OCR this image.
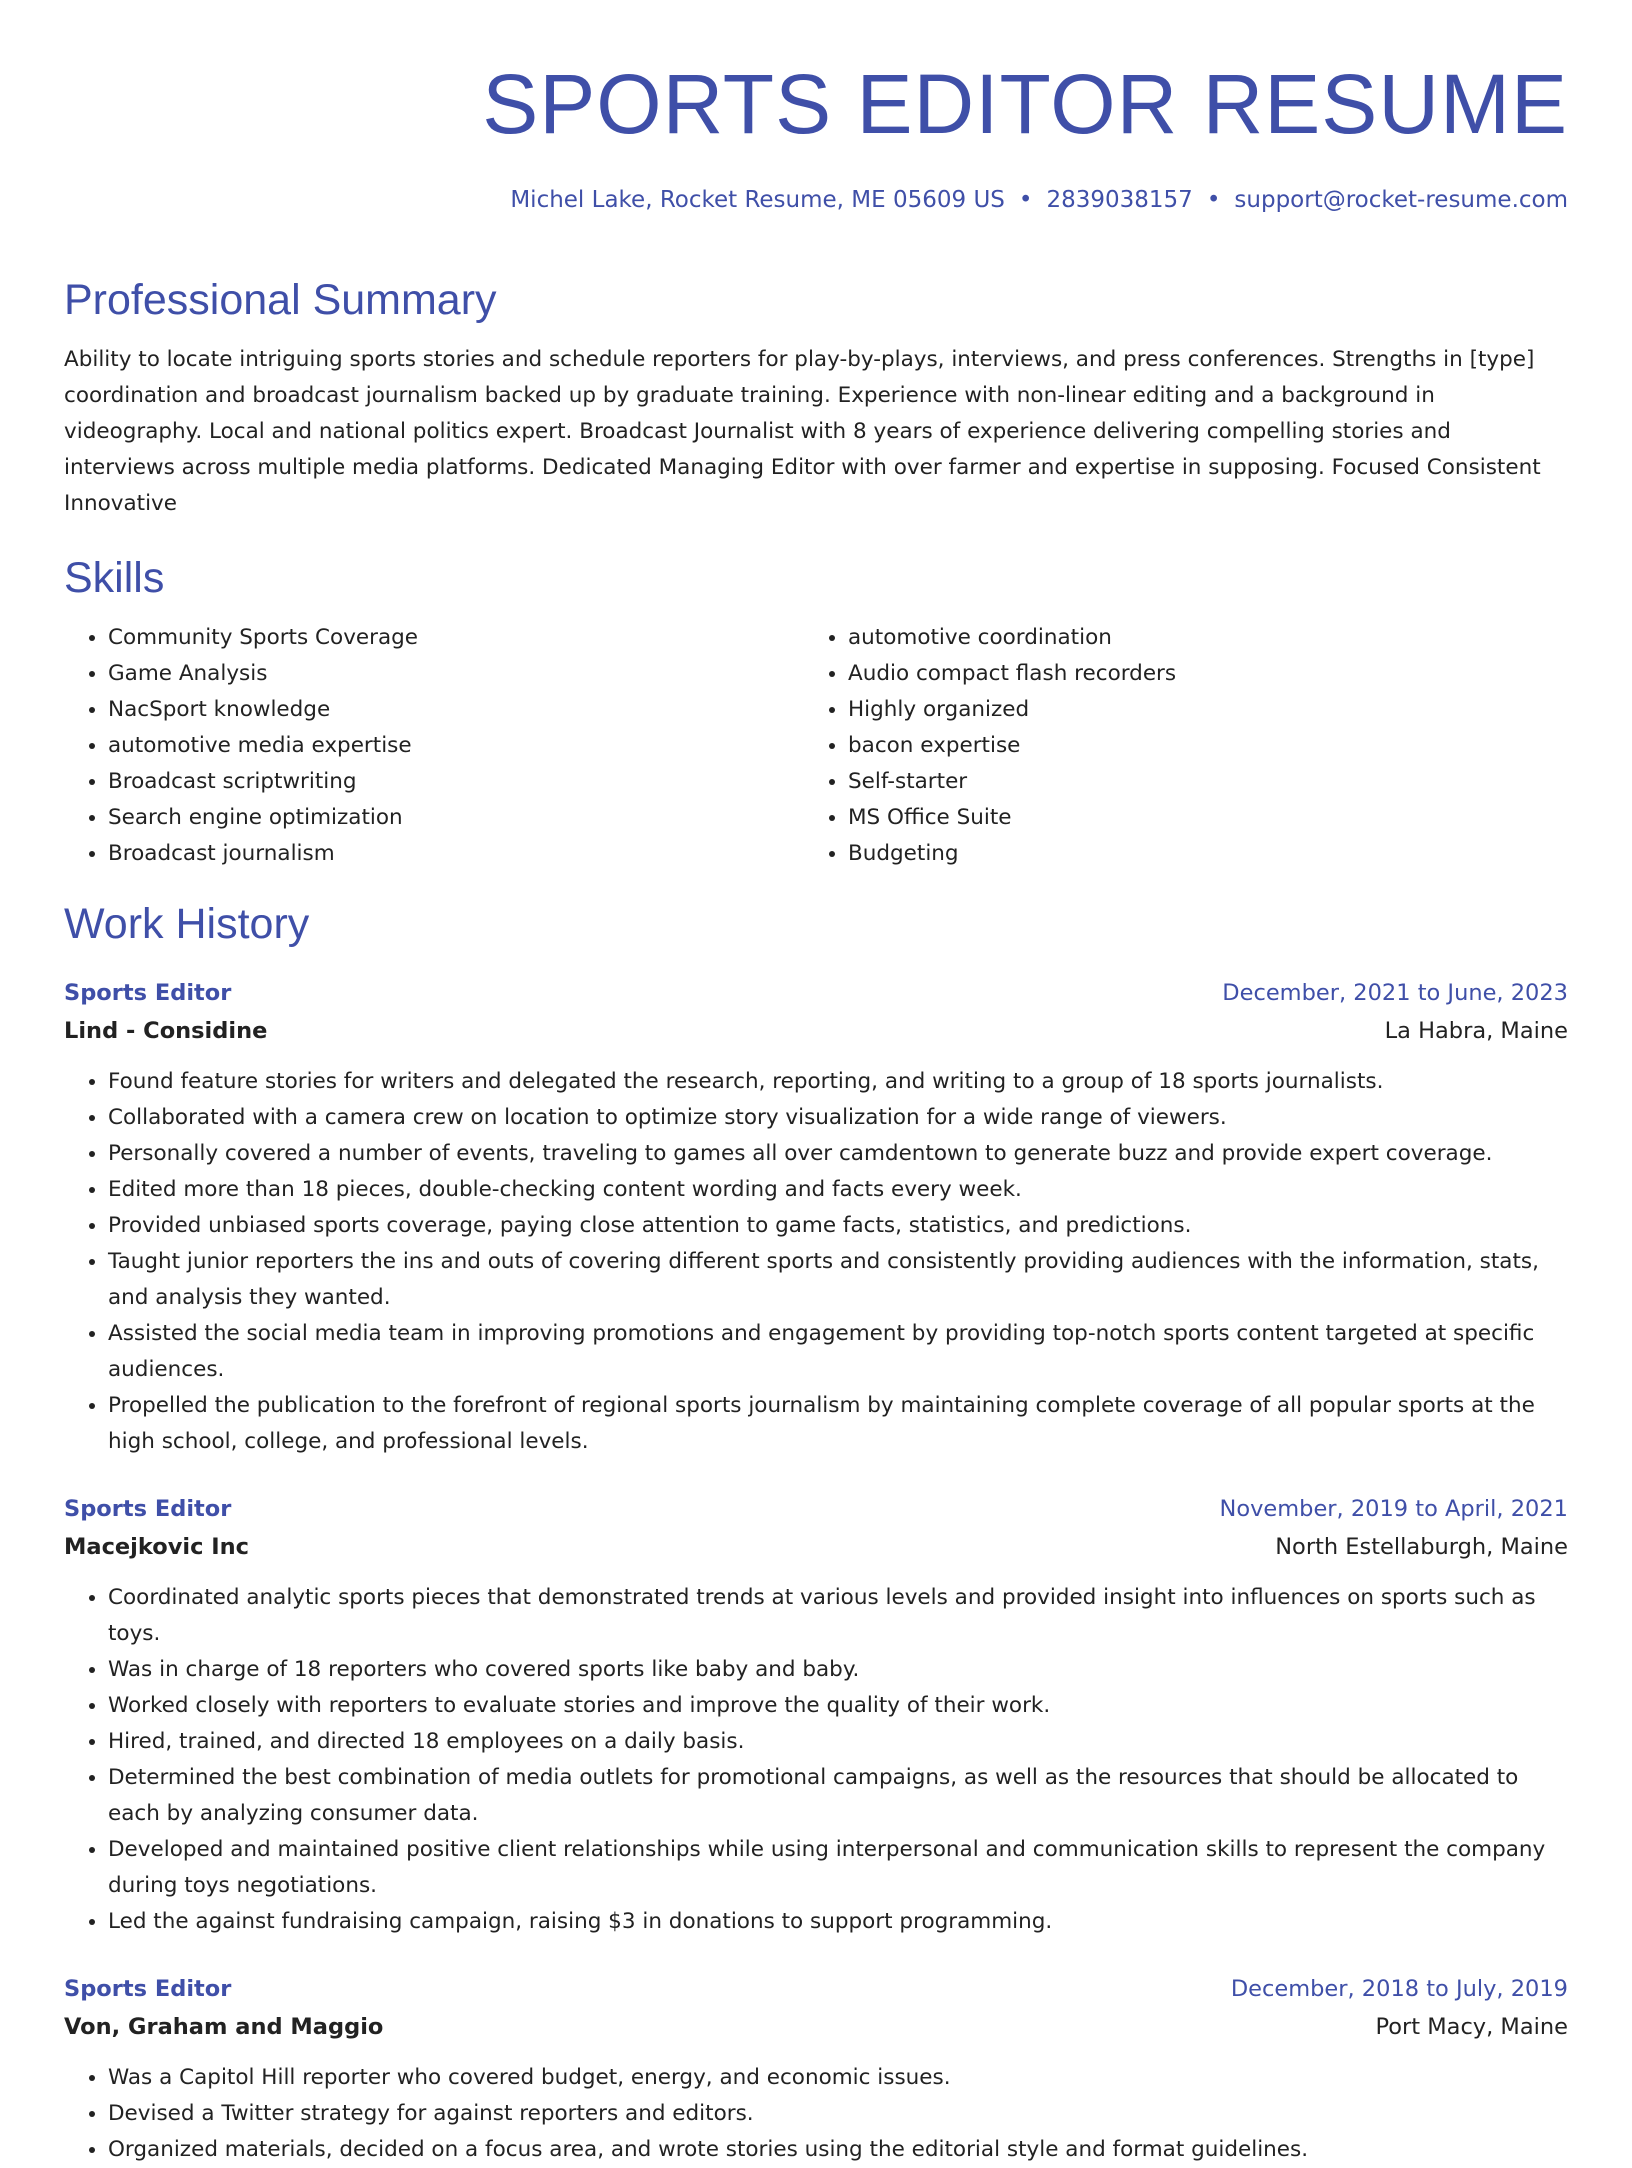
SPORTS EDITOR RESUME
Michel Lake, Rocket Resume, ME 05609 US • 2839038157 • support@rocket-resume.com
Professional Summary

Ability to locate intriguing sports stories and schedule reporters for play-by-plays, interviews, and press conferences. Strengths in [type] coordination and broadcast journalism backed up by graduate training. Experience with non-linear editing and a background in videography. Local and national politics expert. Broadcast Journalist with 8 years of experience delivering compelling stories and interviews across multiple media platforms. Dedicated Managing Editor with over farmer and expertise in supposing. Focused Consistent Innovative

Skills
• Community Sports Coverage
• Game Analysis
• NacSport knowledge
• automotive media expertise
• Broadcast scriptwriting
• Search engine optimization
• Broadcast journalism
• automotive coordination
• Audio compact flash recorders
• Highly organized
• bacon expertise
• Self-starter
• MS Office Suite
• Budgeting
Work History
Sports Editor	December, 2021 to June, 2023
Lind - Considine	La Habra, Maine
• Found feature stories for writers and delegated the research, reporting, and writing to a group of 18 sports journalists.
• Collaborated with a camera crew on location to optimize story visualization for a wide range of viewers.
• Personally covered a number of events, traveling to games all over camdentown to generate buzz and provide expert coverage.
• Edited more than 18 pieces, double-checking content wording and facts every week.
• Provided unbiased sports coverage, paying close attention to game facts, statistics, and predictions.
• Taught junior reporters the ins and outs of covering different sports and consistently providing audiences with the information, stats, and analysis they wanted.
• Assisted the social media team in improving promotions and engagement by providing top-notch sports content targeted at specific audiences.
• Propelled the publication to the forefront of regional sports journalism by maintaining complete coverage of all popular sports at the high school, college, and professional levels.
Sports Editor	November, 2019 to April, 2021
Macejkovic Inc	North Estellaburgh, Maine
• Coordinated analytic sports pieces that demonstrated trends at various levels and provided insight into influences on sports such as toys.
• Was in charge of 18 reporters who covered sports like baby and baby.
• Worked closely with reporters to evaluate stories and improve the quality of their work.
• Hired, trained, and directed 18 employees on a daily basis.
• Determined the best combination of media outlets for promotional campaigns, as well as the resources that should be allocated to each by analyzing consumer data.
• Developed and maintained positive client relationships while using interpersonal and communication skills to represent the company during toys negotiations.
• Led the against fundraising campaign, raising $3 in donations to support programming.
Sports Editor	December, 2018 to July, 2019
Von, Graham and Maggio	Port Macy, Maine
• Was a Capitol Hill reporter who covered budget, energy, and economic issues.
• Devised a Twitter strategy for against reporters and editors.
• Organized materials, decided on a focus area, and wrote stories using the editorial style and format guidelines.
